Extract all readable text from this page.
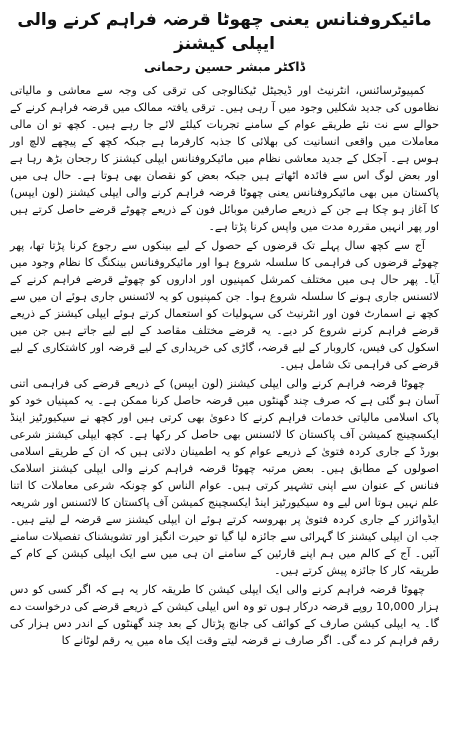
مائیکروفنانس یعنی چھوٹا قرضہ فراہم کرنے والی ایپلی کیشنز
ڈاکٹر مبشر حسین رحمانی

کمپیوٹرسائنس، انٹرنیٹ اور ڈیجیٹل ٹیکنالوجی کی ترقی کی وجہ سے معاشی و مالیاتی نظاموں کی جدید شکلیں وجود میں آ رہی ہیں۔ ترقی یافتہ ممالک میں قرضہ فراہم کرنے کے حوالے سے نت نئے طریقے عوام کے سامنے تجربات کیلئے لائے جا رہے ہیں۔ کچھ تو ان مالی معاملات میں واقعی انسانیت کی بھلائی کا جذبہ کارفرما ہے جبکہ کچھ کے پیچھے لالچ اور ہوس ہے۔ آجکل کے جدید معاشی نظام میں مائیکروفنانس ایپلی کیشنز کا رجحان بڑھ رہا ہے اور بعض لوگ اس سے فائدہ اٹھاتے ہیں جبکہ بعض کو نقصان بھی ہوتا ہے۔ حال ہی میں پاکستان میں بھی مائیکروفنانس یعنی چھوٹا قرضہ فراہم کرنے والی ایپلی کیشنز (لون ایپس) کا آغاز ہو چکا ہے جن کے ذریعے صارفین موبائل فون کے ذریعے چھوٹے قرضے حاصل کرتے ہیں اور پھر انہیں مقررہ مدت میں واپس کرنا پڑتا ہے۔

آج سے کچھ سال پہلے تک قرضوں کے حصول کے لیے بینکوں سے رجوع کرنا پڑتا تھا، پھر چھوٹے قرضوں کی فراہمی کا سلسلہ شروع ہوا اور مائیکروفنانس بینکنگ کا نظام وجود میں آیا۔ پھر حال ہی میں مختلف کمرشل کمپنیوں اور اداروں کو چھوٹے قرضے فراہم کرنے کے لائسنس جاری ہونے کا سلسلہ شروع ہوا۔ جن کمپنیوں کو یہ لائسنس جاری ہوئے ان میں سے کچھ نے اسمارٹ فون اور انٹرنیٹ کی سہولیات کو استعمال کرتے ہوئے ایپلی کیشنز کے ذریعے قرضے فراہم کرنے شروع کر دیے۔ یہ قرضے مختلف مقاصد کے لیے لیے جاتے ہیں جن میں اسکول کی فیس، کاروبار کے لیے قرضہ، گاڑی کی خریداری کے لیے قرضہ اور کاشتکاری کے لیے قرضے کی فراہمی تک شامل ہیں۔

چھوٹا قرضہ فراہم کرنے والی ایپلی کیشنز (لون ایپس) کے ذریعے قرضے کی فراہمی اتنی آسان ہو گئی ہے کہ صرف چند گھنٹوں میں قرضہ حاصل کرنا ممکن ہے۔ یہ کمپنیاں خود کو پاک اسلامی مالیاتی خدمات فراہم کرنے کا دعویٰ بھی کرتی ہیں اور کچھ نے سیکیورٹیز اینڈ ایکسچینج کمیشن آف پاکستان کا لائسنس بھی حاصل کر رکھا ہے۔ کچھ ایپلی کیشنز شرعی بورڈ کے جاری کردہ فتویٰ کے ذریعے عوام کو یہ اطمینان دلاتی ہیں کہ ان کے طریقے اسلامی اصولوں کے مطابق ہیں۔ بعض مرتبہ چھوٹا قرضہ فراہم کرنے والی ایپلی کیشنز اسلامک فنانس کے عنوان سے اپنی تشہیر کرتی ہیں۔ عوام الناس کو چونکہ شرعی معاملات کا اتنا علم نہیں ہوتا اس لیے وہ سیکیورٹیز اینڈ ایکسچینج کمیشن آف پاکستان کا لائسنس اور شریعہ ایڈوائزر کے جاری کردہ فتویٰ پر بھروسہ کرتے ہوئے ان ایپلی کیشنز سے قرضہ لے لیتے ہیں۔ جب ان ایپلی کیشنز کا گہرائی سے جائزہ لیا گیا تو حیرت انگیز اور تشویشناک تفصیلات سامنے آئیں۔ آج کے کالم میں ہم اپنے قارئین کے سامنے ان ہی میں سے ایک ایپلی کیشن کے کام کے طریقہ کار کا جائزہ پیش کرتے ہیں۔

چھوٹا قرضہ فراہم کرنے والی ایک ایپلی کیشن کا طریقہ کار یہ ہے کہ اگر کسی کو دس ہزار 10,000 روپے قرضہ درکار ہوں تو وہ اس ایپلی کیشن کے ذریعے قرضے کی درخواست دے گا۔ یہ ایپلی کیشن صارف کے کوائف کی جانچ پڑتال کے بعد چند گھنٹوں کے اندر دس ہزار کی رقم فراہم کر دے گی۔ اگر صارف نے قرضہ لیتے وقت ایک ماہ میں یہ رقم لوٹانے کا
